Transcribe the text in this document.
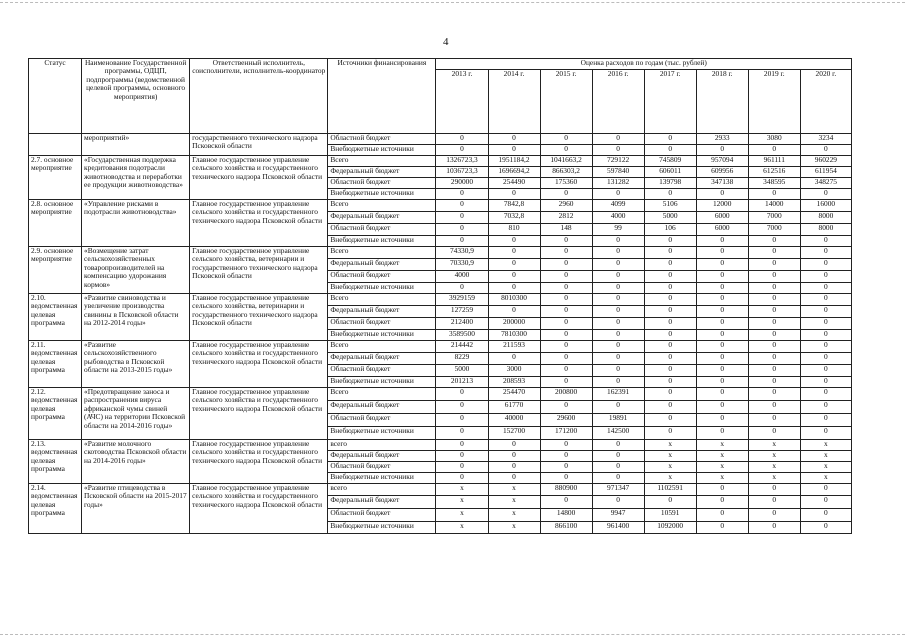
4
Статус	Наименование Государственной программы, ОДЦП, подпрограммы (ведомственной целевой программы, основного мероприятия)	Ответственный исполнитель, соисполнители, исполнитель-координатор	Источники финансирования	Оценка расходов по годам (тыс. рублей)							
				2013 г.	2014 г.	2015 г.	2016 г.	2017 г.	2018 г.	2019 г.	2020 г.
	мероприятий»	государственного технического надзора Псковской области	Областной бюджет	0	0	0	0	0	2933	3080	3234
			Внебюджетные источники	0	0	0	0	0	0	0	0
2.7. основное мероприятие	«Государственная поддержка кредитования подотрасли животноводства и переработки ее продукции животноводства»	Главное государственное управление сельского хозяйства и государственного технического надзора Псковской области	Всего	1326723,3	1951184,2	1041663,2	729122	745809	957094	961111	960229
			Федеральный бюджет	1036723,3	1696694,2	866303,2	597840	606011	609956	612516	611954
			Областной бюджет	290000	254490	175360	131282	139798	347138	348595	348275
			Внебюджетные источники	0	0	0	0	0	0	0	0
2.8. основное мероприятие	«Управление рисками в подотрасли животноводства»	Главное государственное управление сельского хозяйства и государственного технического надзора Псковской области	Всего	0	7842,8	2960	4099	5106	12000	14000	16000
			Федеральный бюджет	0	7032,8	2812	4000	5000	6000	7000	8000
			Областной бюджет	0	810	148	99	106	6000	7000	8000
			Внебюджетные источники	0	0	0	0	0	0	0	0
2.9. основное мероприятие	«Возмещение затрат сельскохозяйственных товаропроизводителей на компенсацию удорожания кормов»	Главное государственное управление сельского хозяйства, ветеринарии и государственного технического надзора Псковской области	Всего	74330,9	0	0	0	0	0	0	0
			Федеральный бюджет	70330,9	0	0	0	0	0	0	0
			Областной бюджет	4000	0	0	0	0	0	0	0
			Внебюджетные источники	0	0	0	0	0	0	0	0
2.10. ведомственная целевая программа	«Развитие свиноводства и увеличение производства свинины в Псковской области на 2012-2014 годы»	Главное государственное управление сельского хозяйства, ветеринарии и государственного технического надзора Псковской области	Всего	3929159	8010300	0	0	0	0	0	0
			Федеральный бюджет	127259	0	0	0	0	0	0	0
			Областной бюджет	212400	200000	0	0	0	0	0	0
			Внебюджетные источники	3589500	7810300	0	0	0	0	0	0
2.11. ведомственная целевая программа	«Развитие сельскохозяйственного рыбоводства в Псковской области на 2013-2015 годы»	Главное государственное управление сельского хозяйства и государственного технического надзора Псковской области	Всего	214442	211593	0	0	0	0	0	0
			Федеральный бюджет	8229	0	0	0	0	0	0	0
			Областной бюджет	5000	3000	0	0	0	0	0	0
			Внебюджетные источники	201213	208593	0	0	0	0	0	0
2.12. ведомственная целевая программа	«Предотвращение заноса и распространения вируса африканской чумы свиней (АЧС) на территории Псковской области на 2014-2016 годы»	Главное государственное управление сельского хозяйства и государственного технического надзора Псковской области	Всего	0	254470	200800	162391	0	0	0	0
			Федеральный бюджет	0	61770	0	0	0	0	0	0
			Областной бюджет	0	40000	29600	19891	0	0	0	0
			Внебюджетные источники	0	152700	171200	142500	0	0	0	0
2.13. ведомственная целевая программа	«Развитие молочного скотоводства Псковской области на 2014-2016 годы»	Главное государственное управление сельского хозяйства и государственного технического надзора Псковской области	всего	0	0	0	0	x	x	x	x
			Федеральный бюджет	0	0	0	0	x	x	x	x
			Областной бюджет	0	0	0	0	x	x	x	x
			Внебюджетные источники	0	0	0	0	x	x	x	x
2.14. ведомственная целевая программа	«Развитие птицеводства в Псковской области на 2015-2017 годы»	Главное государственное управление сельского хозяйства и государственного технического надзора Псковской области	всего	x	x	880900	971347	1102591	0	0	0
			Федеральный бюджет	x	x	0	0	0	0	0	0
			Областной бюджет	x	x	14800	9947	10591	0	0	0
			Внебюджетные источники	x	x	866100	961400	1092000	0	0	0
